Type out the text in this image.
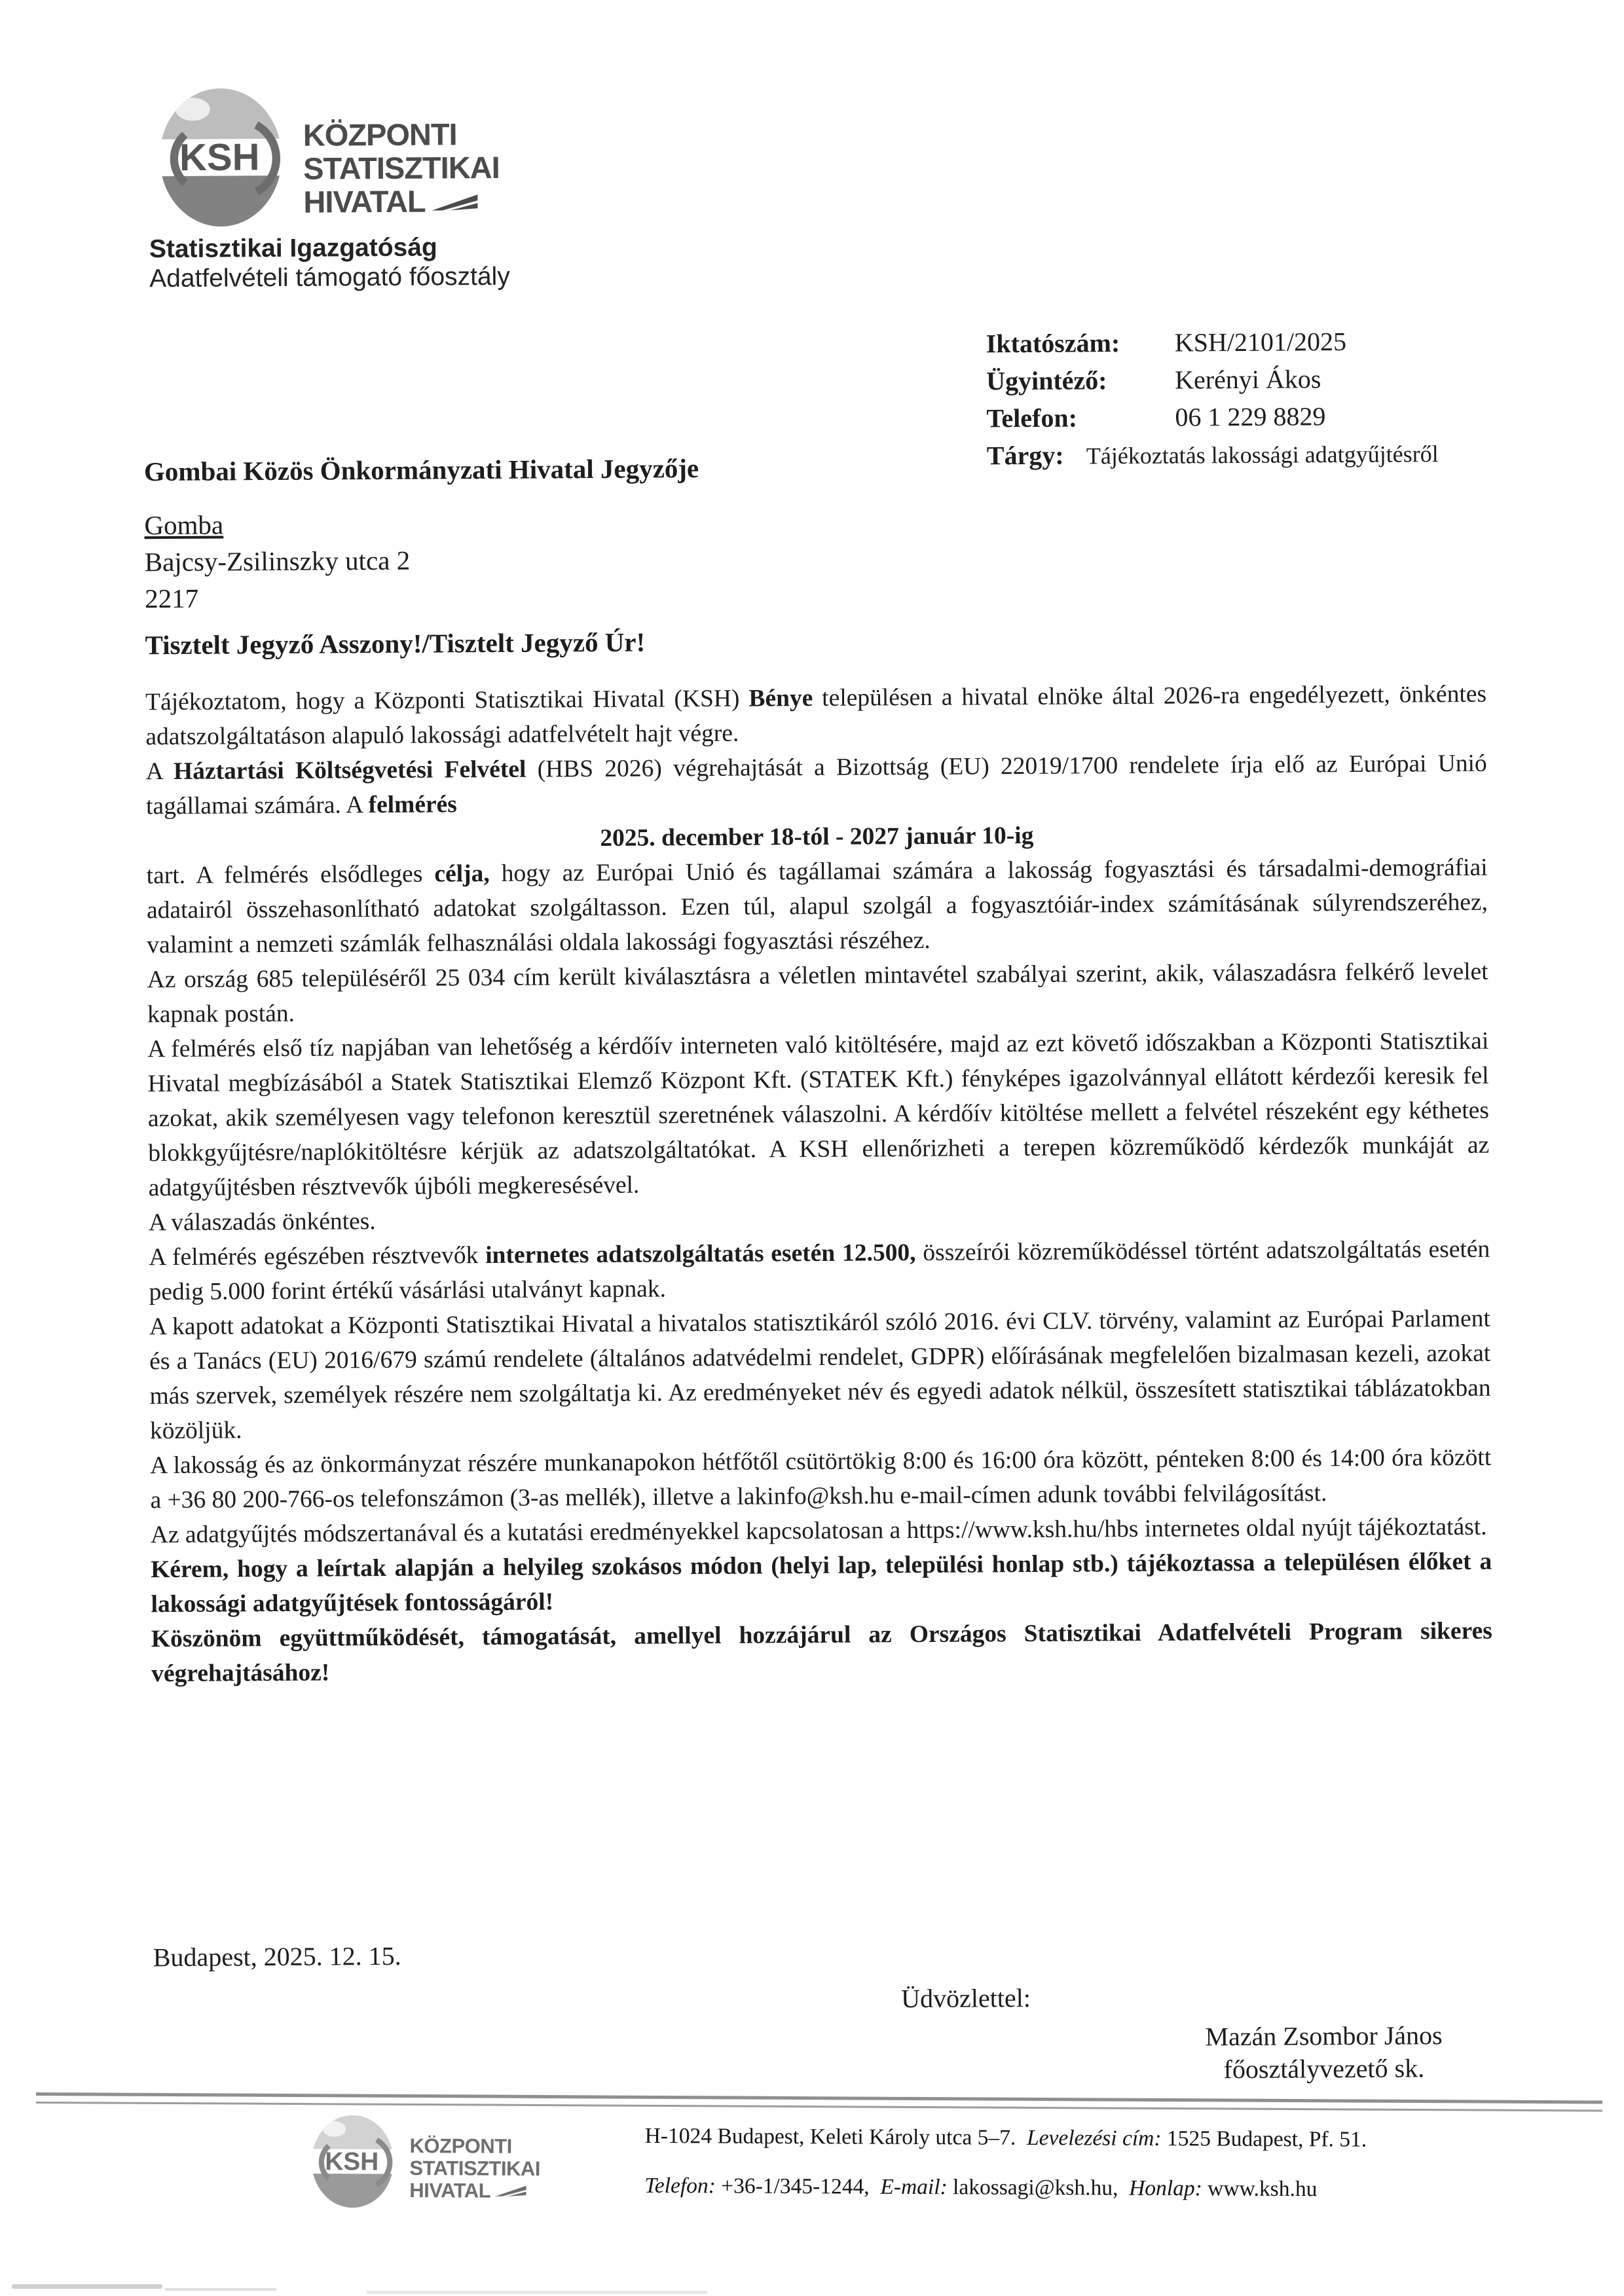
KSH
KÖZPONTI
STATISZTIKAI
HIVATAL
Statisztikai Igazgatóság
Adatfelvételi támogató főosztály
Iktatószám:	KSH/2101/2025
Ügyintéző:	Kerényi Ákos
Telefon:	06 1 229 8829
Tárgy: Tájékoztatás lakossági adatgyűjtésről
Gombai Közös Önkormányzati Hivatal Jegyzője
Gomba
Bajcsy-Zsilinszky utca 2
2217
Tisztelt Jegyző Asszony!/Tisztelt Jegyző Úr!

Tájékoztatom, hogy a Központi Statisztikai Hivatal (KSH) Bénye településen a hivatal elnöke által 2026-ra engedélyezett, önkéntes adatszolgáltatáson alapuló lakossági adatfelvételt hajt végre.

A Háztartási Költségvetési Felvétel (HBS 2026) végrehajtását a Bizottság (EU) 22019/1700 rendelete írja elő az Európai Unió tagállamai számára. A felmérés

2025. december 18-tól - 2027 január 10-ig

tart. A felmérés elsődleges célja, hogy az Európai Unió és tagállamai számára a lakosság fogyasztási és társadalmi-demográfiai adatairól összehasonlítható adatokat szolgáltasson. Ezen túl, alapul szolgál a fogyasztóiár-index számításának súlyrendszeréhez, valamint a nemzeti számlák felhasználási oldala lakossági fogyasztási részéhez.

Az ország 685 településéről 25 034 cím került kiválasztásra a véletlen mintavétel szabályai szerint, akik, válaszadásra felkérő levelet kapnak postán.

A felmérés első tíz napjában van lehetőség a kérdőív interneten való kitöltésére, majd az ezt követő időszakban a Központi Statisztikai Hivatal megbízásából a Statek Statisztikai Elemző Központ Kft. (STATEK Kft.) fényképes igazolvánnyal ellátott kérdezői keresik fel azokat, akik személyesen vagy telefonon keresztül szeretnének válaszolni. A kérdőív kitöltése mellett a felvétel részeként egy kéthetes blokkgyűjtésre/naplókitöltésre kérjük az adatszolgáltatókat. A KSH ellenőrizheti a terepen közreműködő kérdezők munkáját az adatgyűjtésben résztvevők újbóli megkeresésével.

A válaszadás önkéntes.

A felmérés egészében résztvevők internetes adatszolgáltatás esetén 12.500, összeírói közreműködéssel történt adatszolgáltatás esetén pedig 5.000 forint értékű vásárlási utalványt kapnak.

A kapott adatokat a Központi Statisztikai Hivatal a hivatalos statisztikáról szóló 2016. évi CLV. törvény, valamint az Európai Parlament és a Tanács (EU) 2016/679 számú rendelete (általános adatvédelmi rendelet, GDPR) előírásának megfelelően bizalmasan kezeli, azokat más szervek, személyek részére nem szolgáltatja ki. Az eredményeket név és egyedi adatok nélkül, összesített statisztikai táblázatokban közöljük.

A lakosság és az önkormányzat részére munkanapokon hétfőtől csütörtökig 8:00 és 16:00 óra között, pénteken 8:00 és 14:00 óra között a +36 80 200-766-os telefonszámon (3-as mellék), illetve a lakinfo@ksh.hu e-mail-címen adunk további felvilágosítást.

Az adatgyűjtés módszertanával és a kutatási eredményekkel kapcsolatosan a https://www.ksh.hu/hbs internetes oldal nyújt tájékoztatást.

Kérem, hogy a leírtak alapján a helyileg szokásos módon (helyi lap, települési honlap stb.) tájékoztassa a településen élőket a lakossági adatgyűjtések fontosságáról!

Köszönöm együttműködését, támogatását, amellyel hozzájárul az Országos Statisztikai Adatfelvételi Program sikeres végrehajtásához!

Budapest, 2025. 12. 15.
Üdvözlettel:
Mazán Zsombor János
főosztályvezető sk.
KSH
KÖZPONTI
STATISZTIKAI
HIVATAL
H-1024 Budapest, Keleti Károly utca 5–7.  Levelezési cím: 1525 Budapest, Pf. 51.
Telefon: +36-1/345-1244,  E-mail: lakossagi@ksh.hu,  Honlap: www.ksh.hu
